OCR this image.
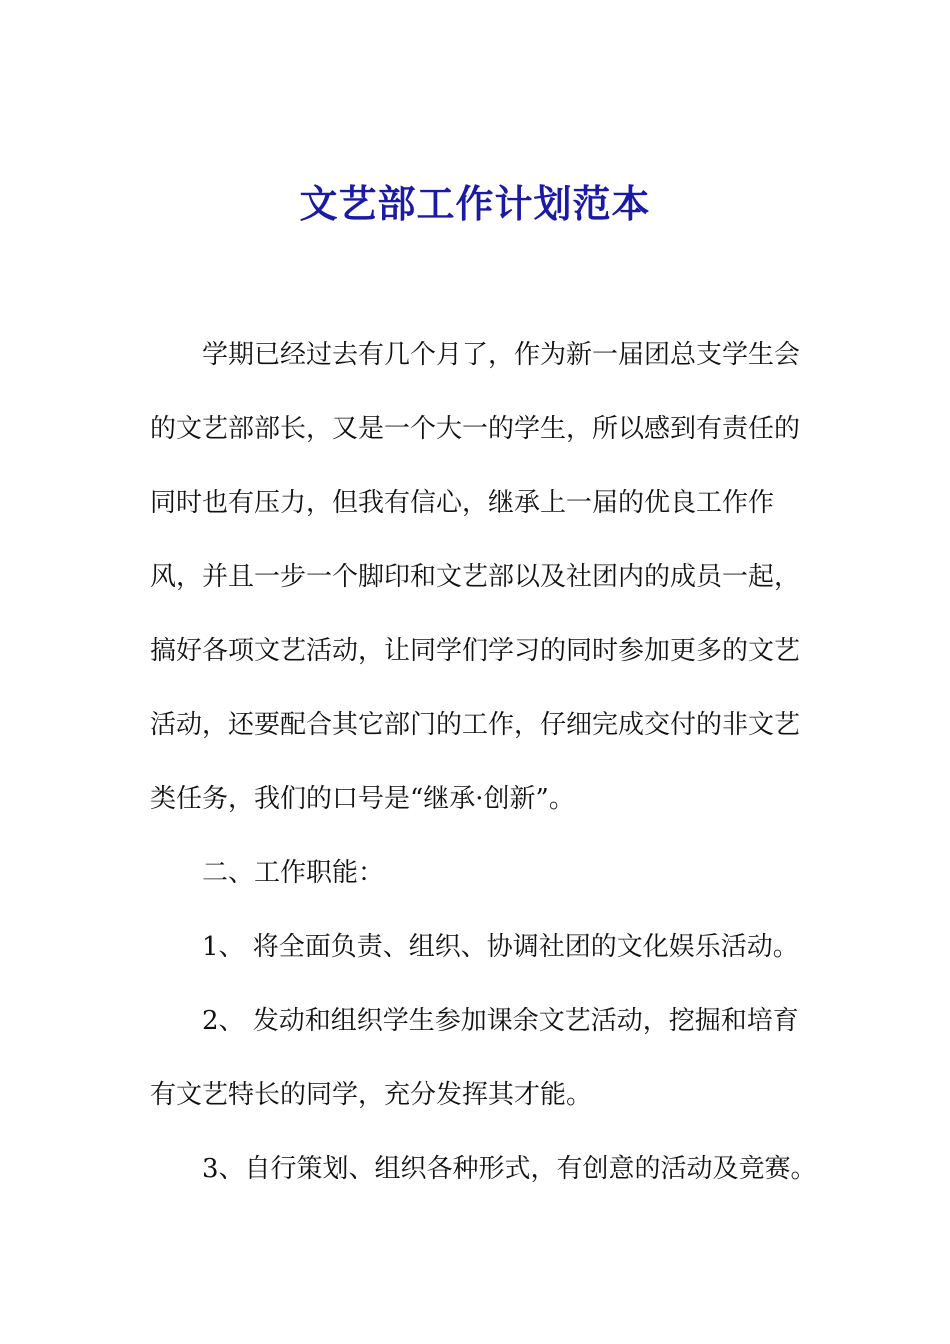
文艺部工作计划范本
学期已经过去有几个月了，作为新一届团总支学生会
的文艺部部长，又是一个大一的学生，所以感到有责任的
同时也有压力，但我有信心，继承上一届的优良工作作
风，并且一步一个脚印和文艺部以及社团内的成员一起，
搞好各项文艺活动，让同学们学习的同时参加更多的文艺
活动，还要配合其它部门的工作，仔细完成交付的非文艺
类任务，我们的口号是“继承·创新”。
二、工作职能：
1、 将全面负责、组织、协调社团的文化娱乐活动。
2、 发动和组织学生参加课余文艺活动，挖掘和培育
有文艺特长的同学，充分发挥其才能。
3、自行策划、组织各种形式，有创意的活动及竞赛。
